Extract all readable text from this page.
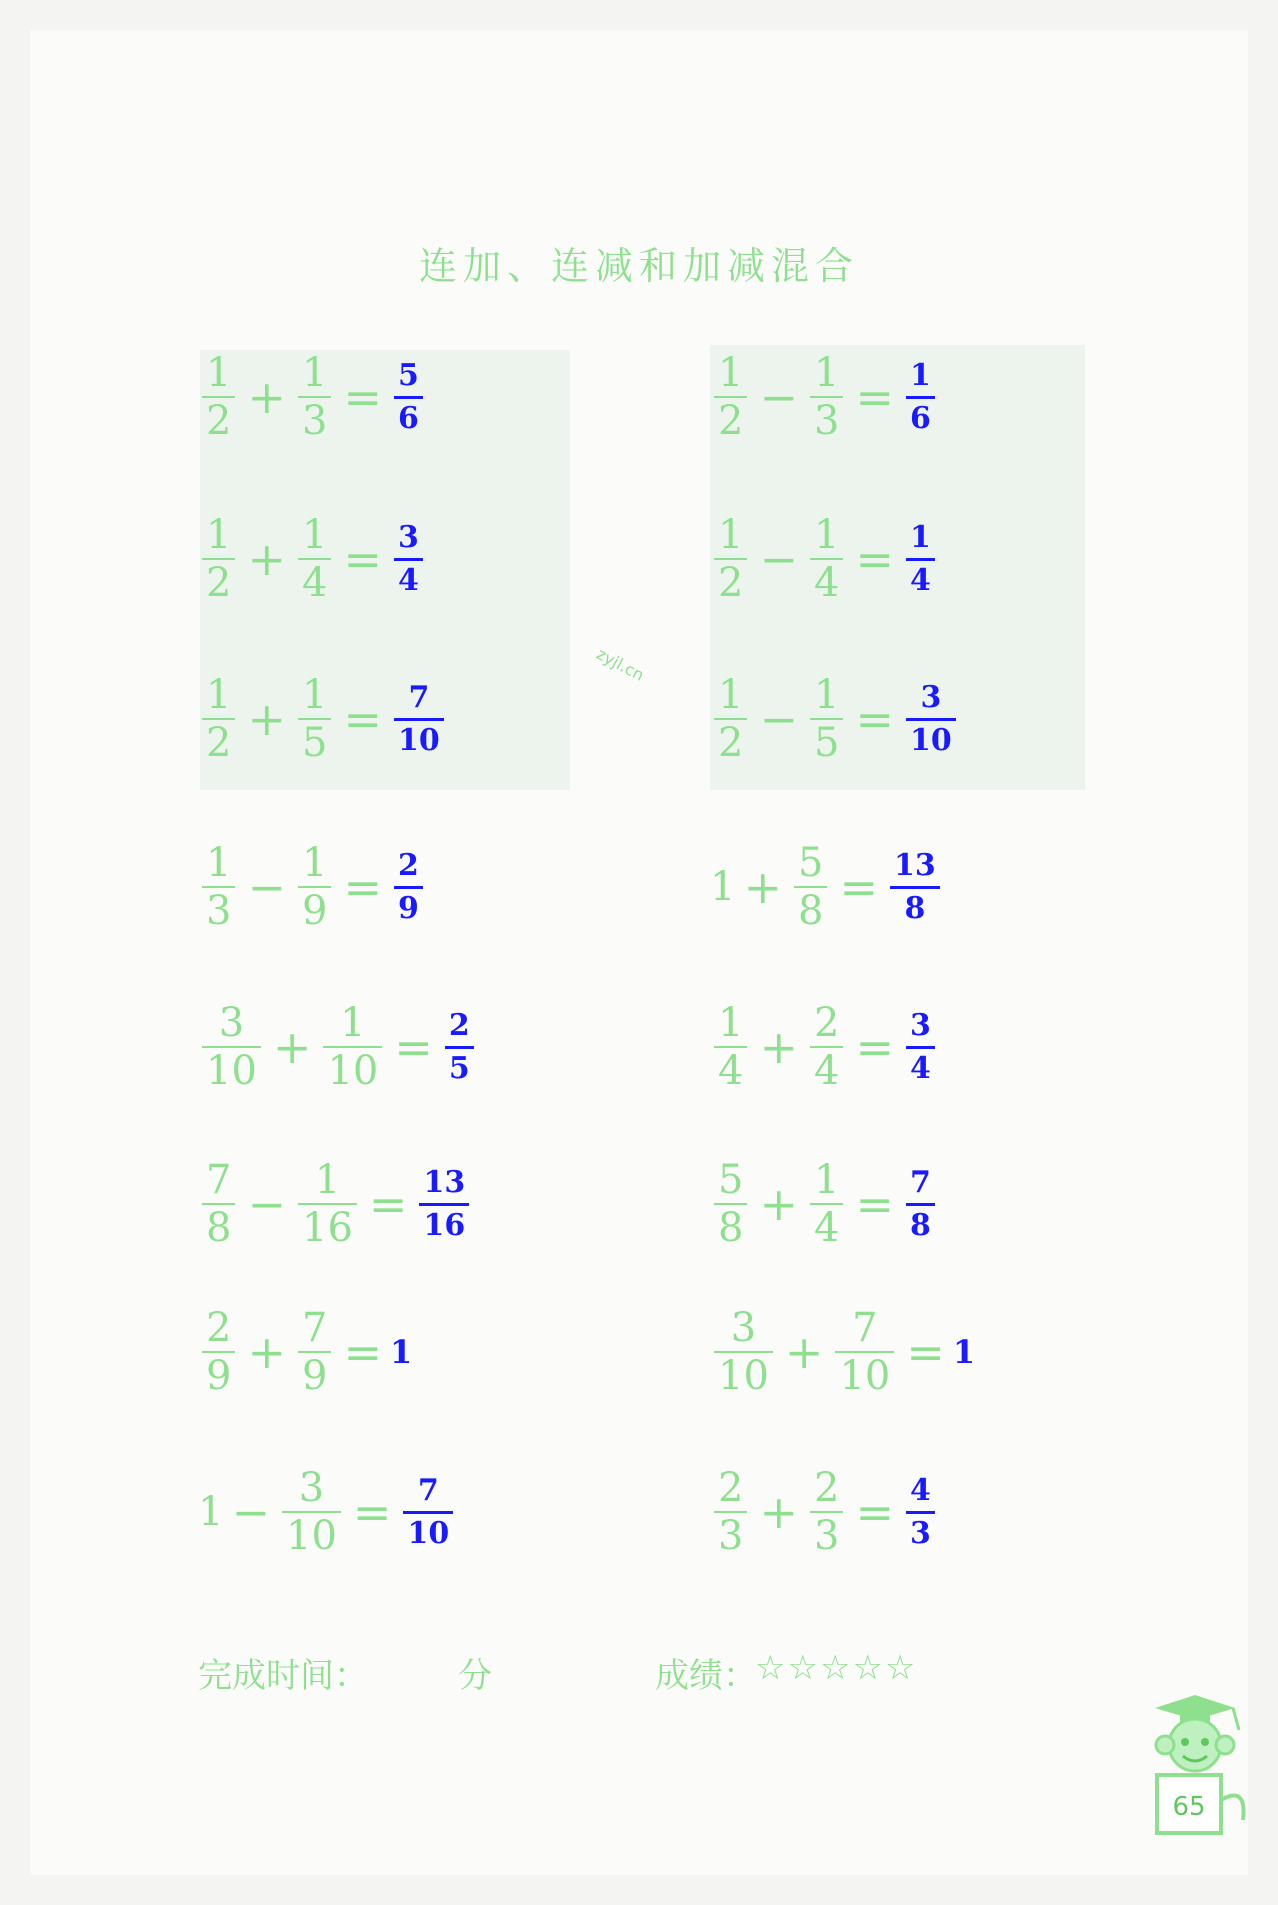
连加、连减和加减混合
zyjl.cn
$\frac{1}{2} + \frac{1}{3} = \frac{5}{6}$	$\frac{1}{2} - \frac{1}{3} = \frac{1}{6}$
$\frac{1}{2} + \frac{1}{4} = \frac{3}{4}$	$\frac{1}{2} - \frac{1}{4} = \frac{1}{4}$
$\frac{1}{2} + \frac{1}{5} = \frac{7}{10}$	$\frac{1}{2} - \frac{1}{5} = \frac{3}{10}$
$\frac{1}{3} - \frac{1}{9} = \frac{2}{9}$	$1 + \frac{5}{8} = \frac{13}{8}$
$\frac{3}{10} + \frac{1}{10} = \frac{2}{5}$	$\frac{1}{4} + \frac{2}{4} = \frac{3}{4}$
$\frac{7}{8} - \frac{1}{16} = \frac{13}{16}$	$\frac{5}{8} + \frac{1}{4} = \frac{7}{8}$
$\frac{2}{9} + \frac{7}{9} = 1$	$\frac{3}{10} + \frac{7}{10} = 1$
$1 - \frac{3}{10} = \frac{7}{10}$	$\frac{2}{3} + \frac{2}{3} = \frac{4}{3}$
完成时间：	分	成绩：
☆☆☆☆☆
65
